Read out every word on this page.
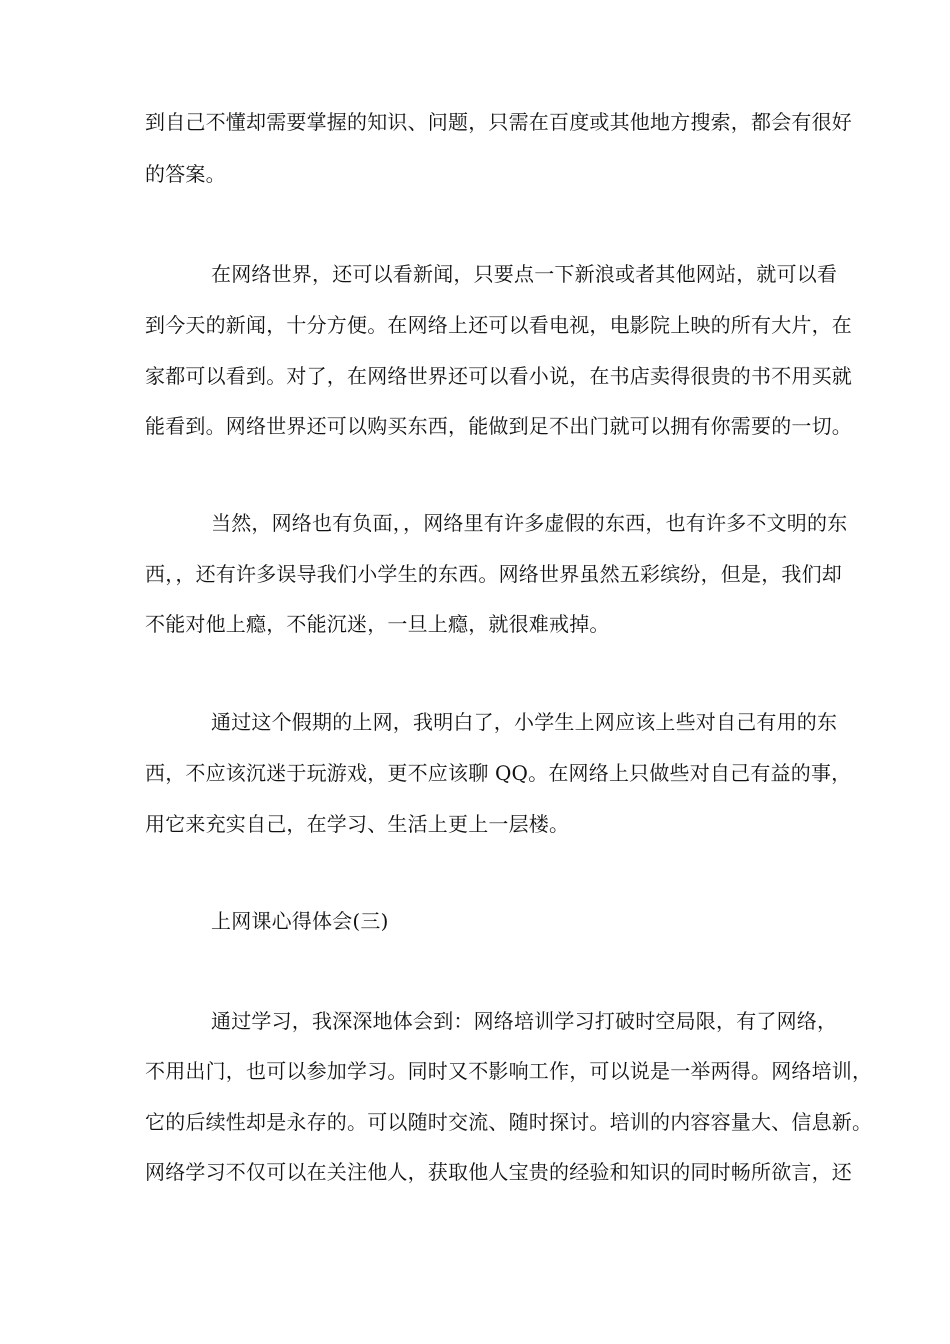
到自己不懂却需要掌握的知识、问题，只需在百度或其他地方搜索，都会有很好
的答案。
在网络世界，还可以看新闻，只要点一下新浪或者其他网站，就可以看
到今天的新闻，十分方便。在网络上还可以看电视，电影院上映的所有大片，在
家都可以看到。对了，在网络世界还可以看小说，在书店卖得很贵的书不用买就
能看到。网络世界还可以购买东西，能做到足不出门就可以拥有你需要的一切。
当然，网络也有负面，，网络里有许多虚假的东西，也有许多不文明的东
西，，还有许多误导我们小学生的东西。网络世界虽然五彩缤纷，但是，我们却
不能对他上瘾，不能沉迷，一旦上瘾，就很难戒掉。
通过这个假期的上网，我明白了，小学生上网应该上些对自己有用的东
西，不应该沉迷于玩游戏，更不应该聊 QQ。在网络上只做些对自己有益的事，
用它来充实自己，在学习、生活上更上一层楼。
上网课心得体会(三)
通过学习，我深深地体会到：网络培训学习打破时空局限，有了网络，
不用出门，也可以参加学习。同时又不影响工作，可以说是一举两得。网络培训，
它的后续性却是永存的。可以随时交流、随时探讨。培训的内容容量大、信息新。
网络学习不仅可以在关注他人，获取他人宝贵的经验和知识的同时畅所欲言，还
